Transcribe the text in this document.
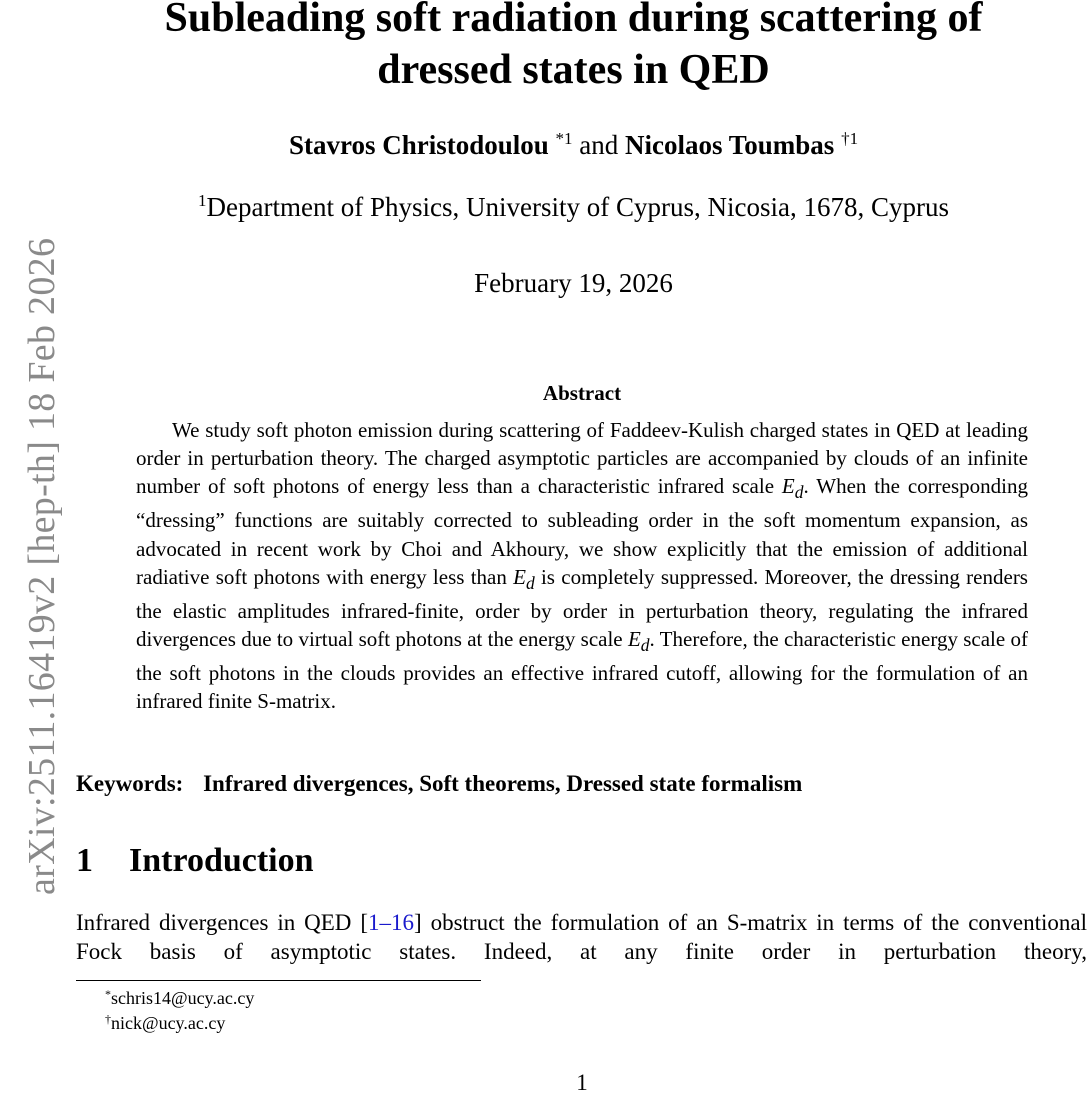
arXiv:2511.16419v2 [hep-th] 18 Feb 2026
Subleading soft radiation during scattering of
dressed states in QED
Stavros Christodoulou $^{*1}$ and Nicolaos Toumbas $^{\dagger 1}$
$^1$Department of Physics, University of Cyprus, Nicosia, 1678, Cyprus
February 19, 2026
Abstract
We study soft photon emission during scattering of Faddeev-Kulish charged states in QED at leading order in perturbation theory. The charged asymptotic particles are accompanied by clouds of an infinite number of soft photons of energy less than a characteristic infrared scale $E_d$. When the corresponding “dressing” functions are suitably corrected to subleading order in the soft momentum expansion, as advocated in recent work by Choi and Akhoury, we show explicitly that the emission of additional radiative soft photons with energy less than $E_d$ is completely suppressed. Moreover, the dressing renders the elastic amplitudes infrared-finite, order by order in perturbation theory, regulating the infrared divergences due to virtual soft photons at the energy scale $E_d$. Therefore, the characteristic energy scale of the soft photons in the clouds provides an effective infrared cutoff, allowing for the formulation of an infrared finite S-matrix.
Keywords: Infrared divergences, Soft theorems, Dressed state formalism
1 Introduction
Infrared divergences in QED [1–16] obstruct the formulation of an S-matrix in terms of the conventional Fock basis of asymptotic states. Indeed, at any finite order in perturbation theory,
*schris14@ucy.ac.cy
†nick@ucy.ac.cy
1
